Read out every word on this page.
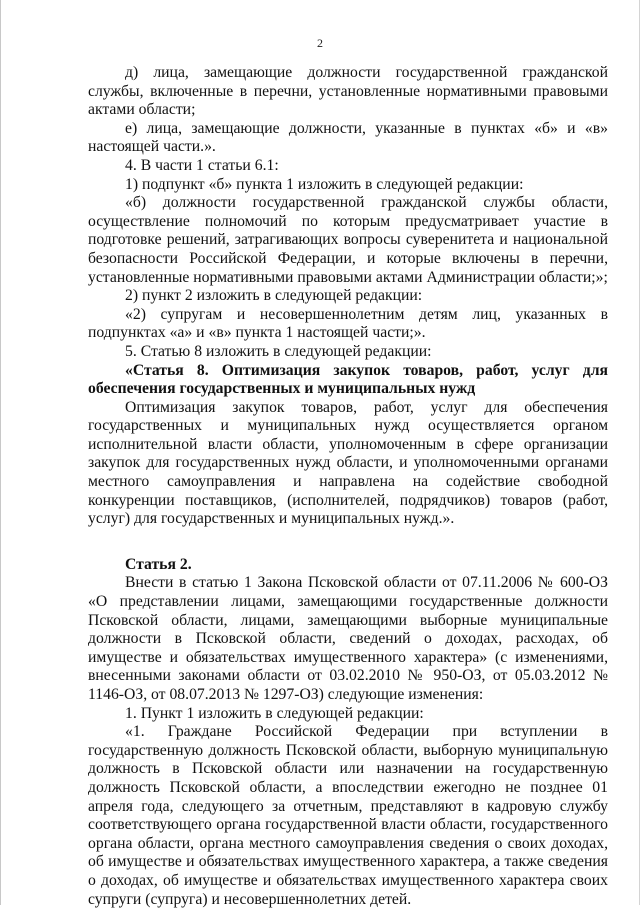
2

д) лица, замещающие должности государственной гражданской службы, включенные в перечни, установленные нормативными правовыми актами области;

е) лица, замещающие должности, указанные в пунктах «б» и «в» настоящей части.».

4. В части 1 статьи 6.1:

1) подпункт «б» пункта 1 изложить в следующей редакции:

«б) должности государственной гражданской службы области, осуществление полномочий по которым предусматривает участие в подготовке решений, затрагивающих вопросы суверенитета и национальной безопасности Российской Федерации, и которые включены в перечни, установленные нормативными правовыми актами Администрации области;»;

2) пункт 2 изложить в следующей редакции:

«2) супругам и несовершеннолетним детям лиц, указанных в подпунктах «а» и «в» пункта 1 настоящей части;».

5. Статью 8 изложить в следующей редакции:

«Статья 8. Оптимизация закупок товаров, работ, услуг для обеспечения государственных и муниципальных нужд

Оптимизация закупок товаров, работ, услуг для обеспечения государственных и муниципальных нужд осуществляется органом исполнительной власти области, уполномоченным в сфере организации закупок для государственных нужд области, и уполномоченными органами местного самоуправления и направлена на содействие свободной конкуренции поставщиков, (исполнителей, подрядчиков) товаров (работ, услуг) для государственных и муниципальных нужд.».

Статья 2.

Внести в статью 1 Закона Псковской области от 07.11.2006 № 600-ОЗ «О представлении лицами, замещающими государственные должности Псковской области, лицами, замещающими выборные муниципальные должности в Псковской области, сведений о доходах, расходах, об имуществе и обязательствах имущественного характера» (с изменениями, внесенными законами области от 03.02.2010 № 950-ОЗ, от 05.03.2012 № 1146-ОЗ, от 08.07.2013 № 1297-ОЗ) следующие изменения:

1. Пункт 1 изложить в следующей редакции:

«1. Граждане Российской Федерации при вступлении в государственную должность Псковской области, выборную муниципальную должность в Псковской области или назначении на государственную должность Псковской области, а впоследствии ежегодно не позднее 01 апреля года, следующего за отчетным, представляют в кадровую службу соответствующего органа государственной власти области, государственного органа области, органа местного самоуправления сведения о своих доходах, об имуществе и обязательствах имущественного характера, а также сведения о доходах, об имуществе и обязательствах имущественного характера своих супруги (супруга) и несовершеннолетних детей.
